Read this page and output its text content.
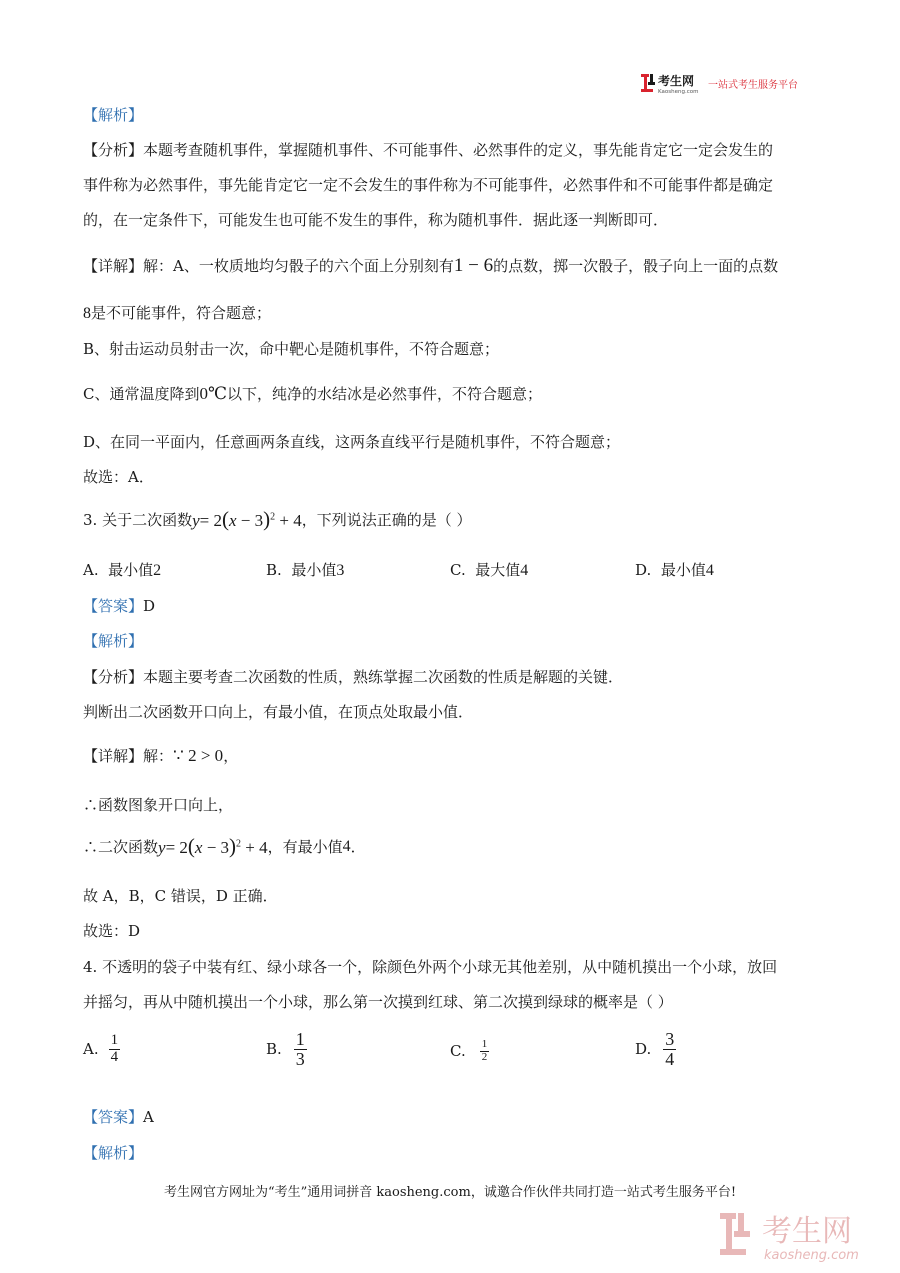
考生网
Kaosheng.com
一站式考生服务平台
【解析】
【分析】本题考查随机事件，掌握随机事件、不可能事件、必然事件的定义，事先能肯定它一定会发生的
事件称为必然事件，事先能肯定它一定不会发生的事件称为不可能事件，必然事件和不可能事件都是确定
的，在一定条件下，可能发生也可能不发生的事件，称为随机事件．据此逐一判断即可．
【详解】解：A、一枚质地均匀骰子的六个面上分别刻有1 − 6的点数，掷一次骰子，骰子向上一面的点数
8是不可能事件，符合题意；
B、射击运动员射击一次，命中靶心是随机事件，不符合题意；
C、通常温度降到0℃以下，纯净的水结冰是必然事件，不符合题意；
D、在同一平面内，任意画两条直线，这两条直线平行是随机事件，不符合题意；
故选：A．
3. 关于二次函数$y= 2(x - 3)^2 + 4$，下列说法正确的是（ ）
A. 最小值2	B. 最小值3	C. 最大值4	D. 最小值4
【答案】D
【解析】
【分析】本题主要考查二次函数的性质，熟练掌握二次函数的性质是解题的关键．
判断出二次函数开口向上，有最小值，在顶点处取最小值．
【详解】解：∵ 2 > 0，
∴函数图象开口向上，
∴二次函数$y= 2(x - 3)^2 + 4$，有最小值4．
故 A，B，C 错误，D 正确．
故选：D
4. 不透明的袋子中装有红、绿小球各一个，除颜色外两个小球无其他差别，从中随机摸出一个小球，放回
并摇匀，再从中随机摸出一个小球，那么第一次摸到红球、第二次摸到绿球的概率是（ ）
A. $\frac{1}{4}$	B. $\frac{1}{3}$	C. $\frac{1}{2}$	D. $\frac{3}{4}$
【答案】A
【解析】
考生网官方网址为“考生”通用词拼音 kaosheng.com，诚邀合作伙伴共同打造一站式考生服务平台!
考生网
kaosheng.com
